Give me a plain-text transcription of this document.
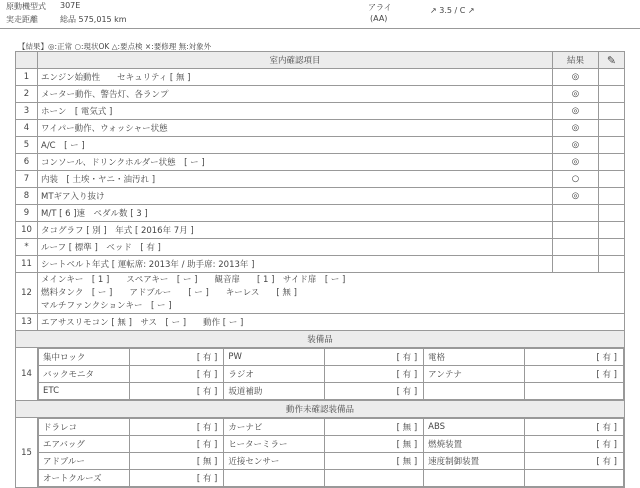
原動機型式 307E
実走距離	総品 575,015 km
アライ
(AA)
↗ 3.5 / C ↗
【結果】◎:正常 ○:現状OK △:要点検 ×:要修理 無:対象外
	室内確認項目	結果	✎
1	エンジン始動性　　セキュリティ [ 無 ]	◎	
2	メーター動作、警告灯、各ランプ	◎	
3	ホーン　[ 電気式 ]	◎	
4	ワイパー動作、ウォッシャー状態	◎	
5	A/C　[ ー ]	◎	
6	コンソール、ドリンクホルダー状態　[ ー ]	◎	
7	内装　[ 土埃・ヤニ・油汚れ ]	○	
8	MTギア入り抜け	◎	
9	M/T [ 6 ]速　ペダル数 [ 3 ]		
10	タコグラフ [ 別 ]　年式 [ 2016年 7月 ]		
*	ルーフ [ 標準 ]　ベッド　[ 有 ]		
11	シートベルト年式 [ 運転席: 2013年 / 助手席: 2013年 ]		
12	
メインキー　[ 1 ]　　スペアキー　[ ー ]　　観音扉　　[ 1 ]　サイド扉　[ ー ]
燃料タンク　[ ー ]　　アドブルー　　[ ー ]　　キーレス　　[ 無 ]
マルチファンクションキー　[ ー ]

13	エアサスリモコン [ 無 ]　サス　[ ー ]　　動作 [ ー ]
装備品
14	
集中ロック	[ 有 ]	PW	[ 有 ]	電格	[ 有 ]
バックモニタ	[ 有 ]	ラジオ	[ 有 ]	アンテナ	[ 有 ]
ETC	[ 有 ]	坂道補助	[ 有 ]		

動作未確認装備品
15	
ドラレコ	[ 有 ]	カーナビ	[ 無 ]	ABS	[ 有 ]
エアバッグ	[ 有 ]	ヒーターミラー	[ 無 ]	燃焼装置	[ 有 ]
アドブルー	[ 無 ]	近接センサー	[ 無 ]	速度制御装置	[ 有 ]
オートクルーズ	[ 有 ]				
